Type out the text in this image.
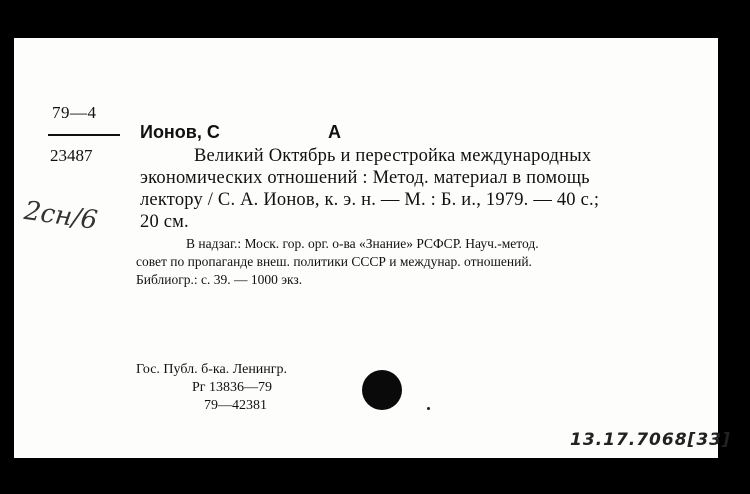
79—4
23487
2сн/6
Ионов, С	А
Великий Октябрь и перестройка международных
экономических отношений : Метод. материал в помощь
лектору / С. А. Ионов, к. э. н. — М. : Б. и., 1979. — 40 с.;
20 см.
В надзаг.: Моск. гор. орг. о-ва «Знание» РСФСР. Науч.-метод.
совет по пропаганде внеш. политики СССР и междунар. отношений.
Библиогр.: с. 39. — 1000 экз.
Гос. Публ. б-ка. Ленингр.
Рг 13836—79
79—42381
13.17.7068[33]
